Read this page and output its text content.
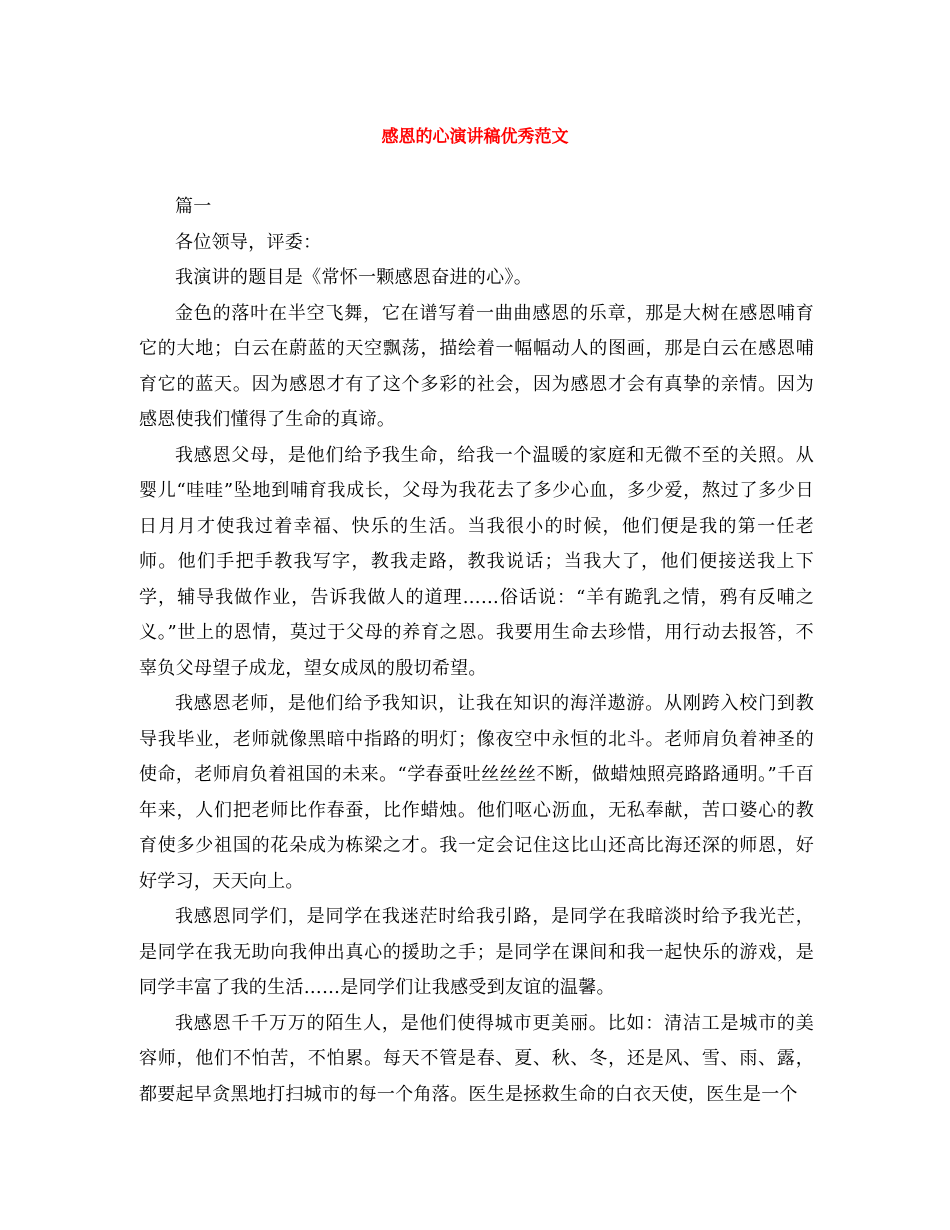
感恩的心演讲稿优秀范文

篇一

各位领导，评委：

我演讲的题目是《常怀一颗感恩奋进的心》。

金色的落叶在半空飞舞，它在谱写着一曲曲感恩的乐章，那是大树在感恩哺育它的大地；白云在蔚蓝的天空飘荡，描绘着一幅幅动人的图画，那是白云在感恩哺育它的蓝天。因为感恩才有了这个多彩的社会，因为感恩才会有真挚的亲情。因为感恩使我们懂得了生命的真谛。

我感恩父母，是他们给予我生命，给我一个温暖的家庭和无微不至的关照。从婴儿“哇哇”坠地到哺育我成长，父母为我花去了多少心血，多少爱，熬过了多少日日月月才使我过着幸福、快乐的生活。当我很小的时候，他们便是我的第一任老师。他们手把手教我写字，教我走路，教我说话；当我大了，他们便接送我上下学，辅导我做作业，告诉我做人的道理……俗话说：“羊有跪乳之情，鸦有反哺之义。”世上的恩情，莫过于父母的养育之恩。我要用生命去珍惜，用行动去报答，不辜负父母望子成龙，望女成凤的殷切希望。

我感恩老师，是他们给予我知识，让我在知识的海洋遨游。从刚跨入校门到教导我毕业，老师就像黑暗中指路的明灯；像夜空中永恒的北斗。老师肩负着神圣的使命，老师肩负着祖国的未来。“学春蚕吐丝丝丝不断，做蜡烛照亮路路通明。”千百年来，人们把老师比作春蚕，比作蜡烛。他们呕心沥血，无私奉献，苦口婆心的教育使多少祖国的花朵成为栋梁之才。我一定会记住这比山还高比海还深的师恩，好好学习，天天向上。

我感恩同学们，是同学在我迷茫时给我引路，是同学在我暗淡时给予我光芒，是同学在我无助向我伸出真心的援助之手；是同学在课间和我一起快乐的游戏，是同学丰富了我的生活……是同学们让我感受到友谊的温馨。

我感恩千千万万的陌生人，是他们使得城市更美丽。比如：清洁工是城市的美容师，他们不怕苦，不怕累。每天不管是春、夏、秋、冬，还是风、雪、雨、露，都要起早贪黑地打扫城市的每一个角落。医生是拯救生命的白衣天使，医生是一个
